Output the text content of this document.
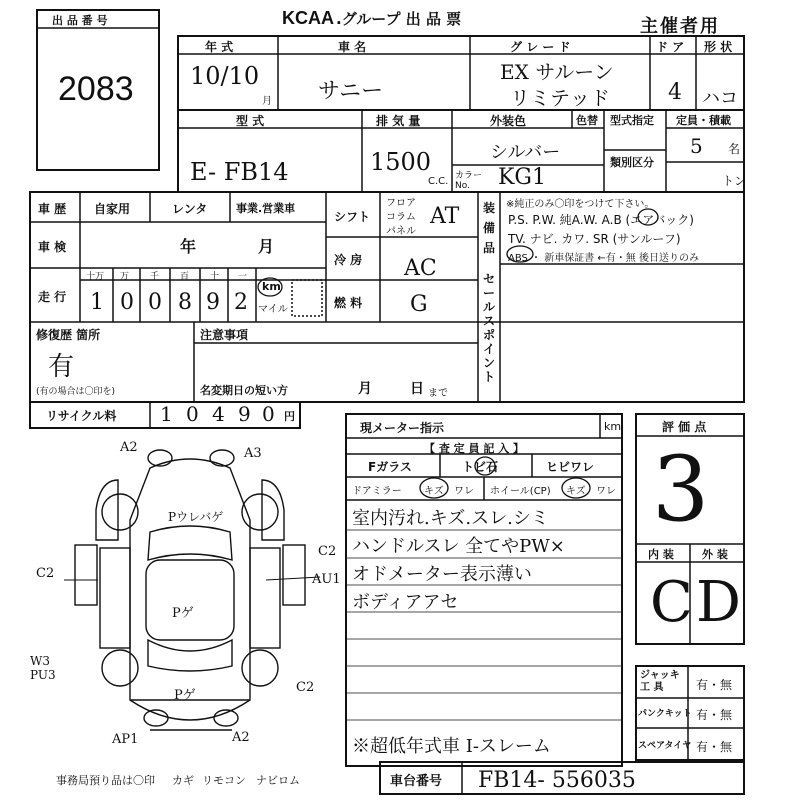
出 品 番 号
2083
KCAA .グループ 出 品 票	主催者用
年 式
10/10
月
車 名
サニー
グ レ ー ド
EX サルーン
リミテッド
ド ア
4
形 状
ハコ
型 式
E- FB14
排 気 量
1500
C.C.
外装色
シルバー
色替
カラー No.	KG1
型式指定
類別区分
定員・積載
5 名
トン
車 歴 自家用	レンタ	事業.営業車
車 検	年	月
走 行
十万 万 千 百 十 一
1 0 0 8 9 2
km
マイル
シフト
フロア
コラム
パネル
AT
冷 房 AC
燃 料 G
装備品
※純正のみ〇印をつけて下さい。
P.S. P.W. 純A.W. A.B (エアバック)
TV. ナビ. カワ. SR (サンルーフ)
ABS ・ 新車保証書 ←有・無 後日送りのみ
セールスポイント
修復歴 箇所
有
(有の場合は〇印を)
注意事項
名変期日の短い方	月	日 まで
リサイクル料 1 0 4 9 0 円
現メーター指示	km
【 査 定 員 記 入 】
Fガラス	トビ石	ヒビワレ
ドアミラー キズ ワレ ホイール(CP) キズ ワレ
室内汚れ.キズ.スレ.シミ
ハンドルスレ 全てやPW×
オドメーター表示薄い
ボディアアセ
※超低年式車 I-スレーム
評 価 点
3
内 装	外 装
C D
ジャッキ 工 具	有・無
パンクキット 有・無
スペアタイヤ 有・無
車台番号 FB14- 556035
事務局預り品は〇印 カギ リモコン ナビロム
A2	A3
C2
AU1
C2
W3 PU3
C2
AP1	A2
Pウレバゲ
Pゲ
Pゲ
